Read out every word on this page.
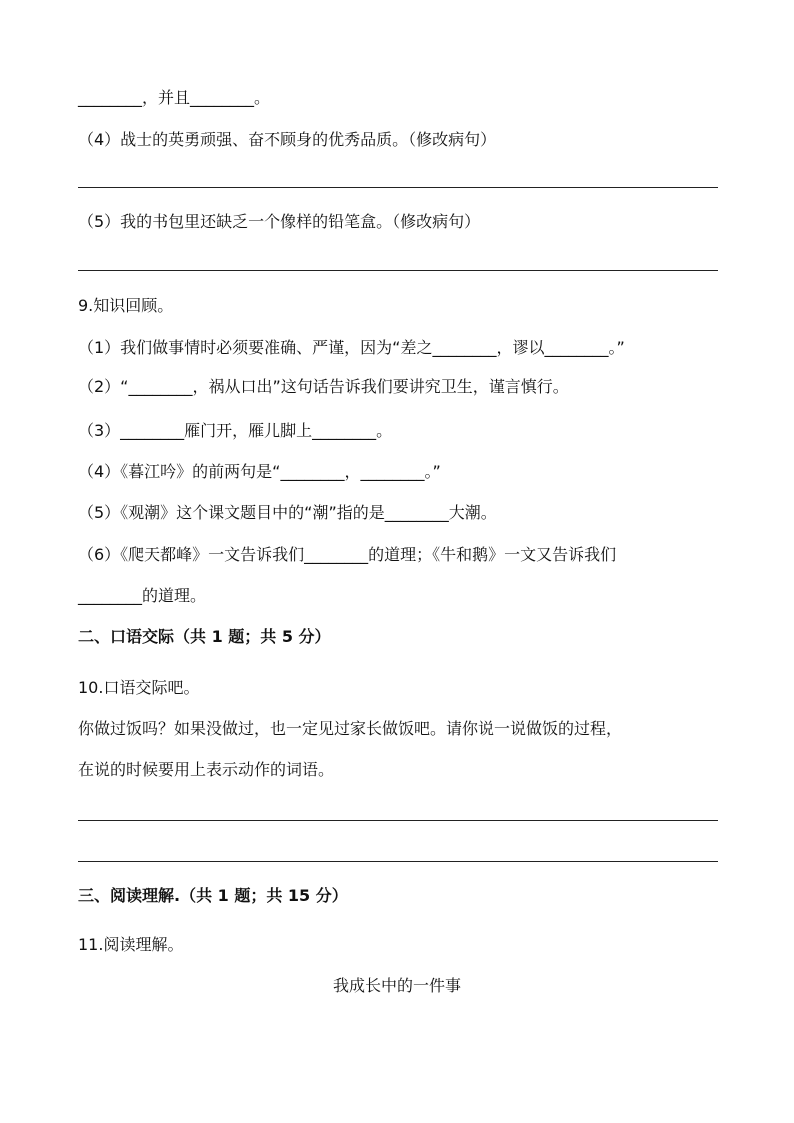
________，并且________。
（4）战士的英勇顽强、奋不顾身的优秀品质。（修改病句）
（5）我的书包里还缺乏一个像样的铅笔盒。（修改病句）
9.知识回顾。
（1）我们做事情时必须要准确、严谨，因为“差之________，谬以________。”
（2）“________，祸从口出”这句话告诉我们要讲究卫生，谨言慎行。
（3）________雁门开，雁儿脚上________。
（4）《暮江吟》的前两句是“________，________。”
（5）《观潮》这个课文题目中的“潮”指的是________大潮。
（6）《爬天都峰》一文告诉我们________的道理；《牛和鹅》一文又告诉我们
________的道理。
二、口语交际（共 1 题；共 5 分）
10.口语交际吧。
你做过饭吗？如果没做过，也一定见过家长做饭吧。请你说一说做饭的过程，
在说的时候要用上表示动作的词语。
三、阅读理解.（共 1 题；共 15 分）
11.阅读理解。
我成长中的一件事
